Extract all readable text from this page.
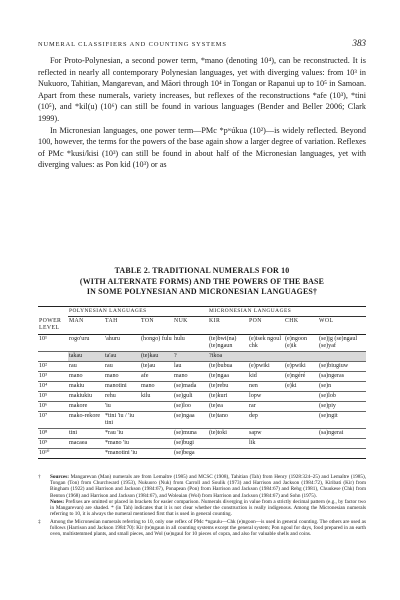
NUMERAL CLASSIFIERS AND COUNTING SYSTEMS	383

For Proto-Polynesian, a second power term, *mano (denoting 10⁴), can be reconstructed. It is reflected in nearly all contemporary Polynesian languages, yet with diverging values: from 10³ in Nukuoro, Tahitian, Mangarevan, and Māori through 10⁴ in Tongan or Rapanui up to 10⁵ in Samoan. Apart from these numerals, variety increases, but reflexes of the reconstructions *afe (10³), *tini (10⁵), and *kil(u) (10⁶) can still be found in various languages (Bender and Beller 2006; Clark 1999).

In Micronesian languages, one power term—PMc *pʷúkua (10²)—is widely reflected. Beyond 100, however, the terms for the powers of the base again show a larger degree of variation. Reflexes of PMc *kusi/kisi (10³) can still be found in about half of the Micronesian languages, yet with diverging values: as Pon kid (10³) or as

TABLE 2. TRADITIONAL NUMERALS FOR 10
(WITH ALTERNATE FORMS) AND THE POWERS OF THE BASE
IN SOME POLYNESIAN AND MICRONESIAN LANGUAGES†
	POLYNESIAN LANGUAGES				MICRONESIAN LANGUAGES			
POWER LEVEL	MAN	TAH	TON	NUK	KIR	PON	CHK	WOL
10¹	rogo'uru	'ahuru	(hongo) fulu	hulu	(te)bwi(na) (te)ngaun	(e)isek ngoul chk	(e)ngoon (e)ik	(se)jg (se)ngaul (se)yaf
	takau	ta'au	(te)kau	?	?ikoa			
10²	rau	rau	(te)au	lau	(te)bubua	(e)pwiki	(e)pwiki	(se)biugiuw
10³	mano	mano	afe	mano	(te)ngaa	kid	(e)ngéré	(sa)ngeras
10⁴	makiu	manotini	mano	(se)mada	(te)rebu	nen	(e)ki	(se)n
10⁵	makiukiu	rehu	kilu	(se)guli	(te)kuri	lopw		(se)lob
10⁶	makore	'iu		(se)loo	(te)ea	rar		(se)piy
10⁷	mako-rekore	*tini 'iu / 'iu tini		(se)ngaa	(te)tano	dep		(se)ngit
10⁸	tini	*rau 'iu		(se)muna	(te)toki	sapw		(sa)ngerai
10⁹	macaea	*mano 'iu		(se)bugi		lik		
10¹⁰		*manotini 'iu		(se)bega				
†	Sources: Mangarevan (Man) numerals are from Lemaître (1985) and MCSC (1908), Tahitian (Tah) from Henry (1928:324–25) and Lemaître (1985), Tongan (Ton) from Churchward (1953), Nukuoro (Nuk) from Carroll and Soulik (1973) and Harrison and Jackson (1984:72), Kiribati (Kir) from Bingham (1922) and Harrison and Jackson (1984:67), Ponapean (Pon) from Harrison and Jackson (1984:67) and Rehg (1981), Chuukese (Chk) from Benton (1968) and Harrison and Jackson (1984:67), and Woleaian (Wol) from Harrison and Jackson (1984:67) and Sohn (1975).

Notes: Prefixes are omitted or placed in brackets for easier comparison. Numerals diverging in value from a strictly decimal pattern (e.g., by factor two in Mangarevan) are shaded. * (in Tah) indicates that it is not clear whether the construction is really indigenous. Among the Micronesian numerals referring to 10, it is always the numeral mentioned first that is used in general counting.

‡	Among the Micronesian numerals referring to 10, only one reflex of PMc *ngaulu—Chk (e)ngoon—is used in general counting. The others are used as follows (Harrison and Jackson 1984:70): Kir (te)ngaun in all counting systems except the general system; Pon ngoul for days, food prepared in an earth oven, multistemmed plants, and small pieces, and Wol (se)ngaul for 10 pieces of copra, and also for valuable shells and coins.
